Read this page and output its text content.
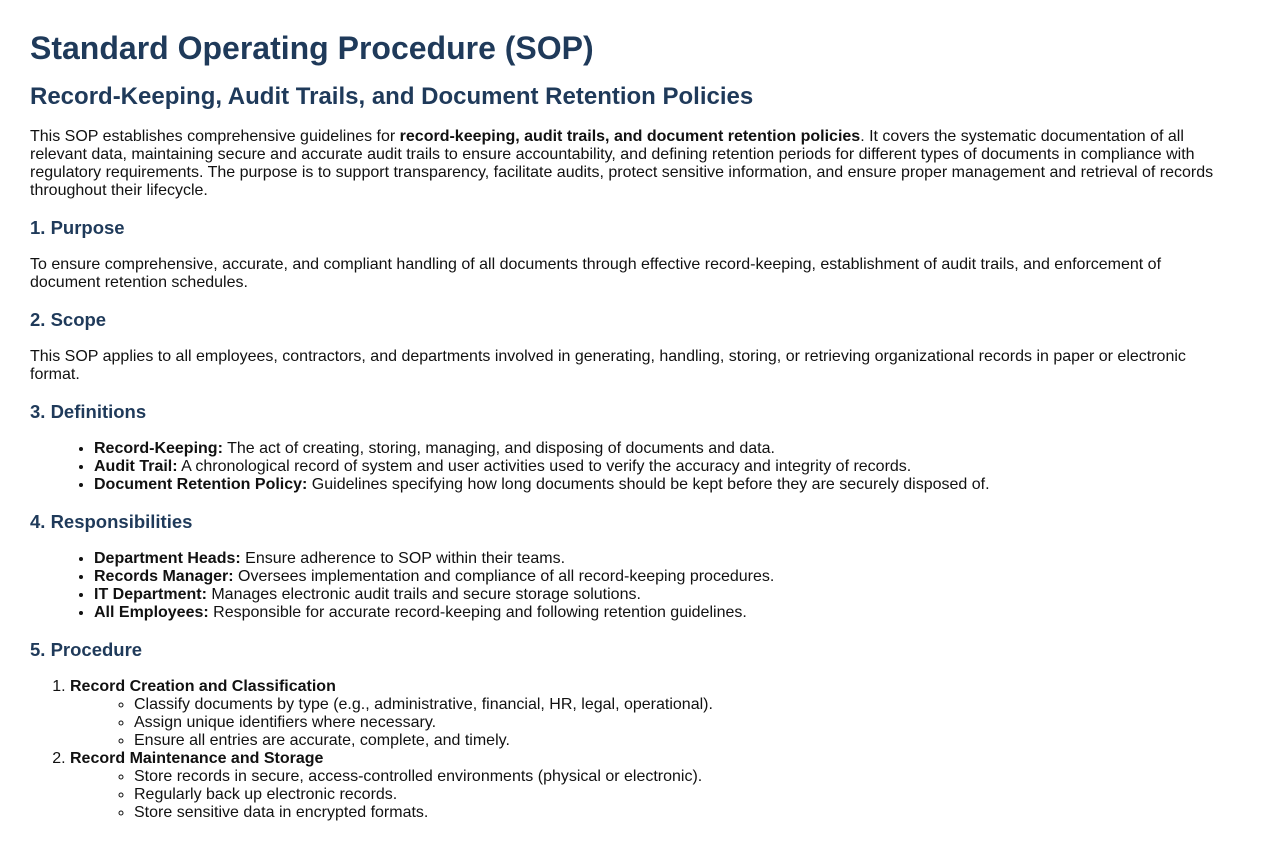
Standard Operating Procedure (SOP)
Record-Keeping, Audit Trails, and Document Retention Policies

This SOP establishes comprehensive guidelines for record-keeping, audit trails, and document retention policies. It covers the systematic documentation of all relevant data, maintaining secure and accurate audit trails to ensure accountability, and defining retention periods for different types of documents in compliance with regulatory requirements. The purpose is to support transparency, facilitate audits, protect sensitive information, and ensure proper management and retrieval of records throughout their lifecycle.

1. Purpose

To ensure comprehensive, accurate, and compliant handling of all documents through effective record-keeping, establishment of audit trails, and enforcement of document retention schedules.

2. Scope

This SOP applies to all employees, contractors, and departments involved in generating, handling, storing, or retrieving organizational records in paper or electronic format.

3. Definitions
• Record-Keeping: The act of creating, storing, managing, and disposing of documents and data.
• Audit Trail: A chronological record of system and user activities used to verify the accuracy and integrity of records.
• Document Retention Policy: Guidelines specifying how long documents should be kept before they are securely disposed of.
4. Responsibilities
• Department Heads: Ensure adherence to SOP within their teams.
• Records Manager: Oversees implementation and compliance of all record-keeping procedures.
• IT Department: Manages electronic audit trails and secure storage solutions.
• All Employees: Responsible for accurate record-keeping and following retention guidelines.
5. Procedure
1. Record Creation and Classification
◦ Classify documents by type (e.g., administrative, financial, HR, legal, operational).
◦ Assign unique identifiers where necessary.
◦ Ensure all entries are accurate, complete, and timely.
2. Record Maintenance and Storage
◦ Store records in secure, access-controlled environments (physical or electronic).
◦ Regularly back up electronic records.
◦ Store sensitive data in encrypted formats.
